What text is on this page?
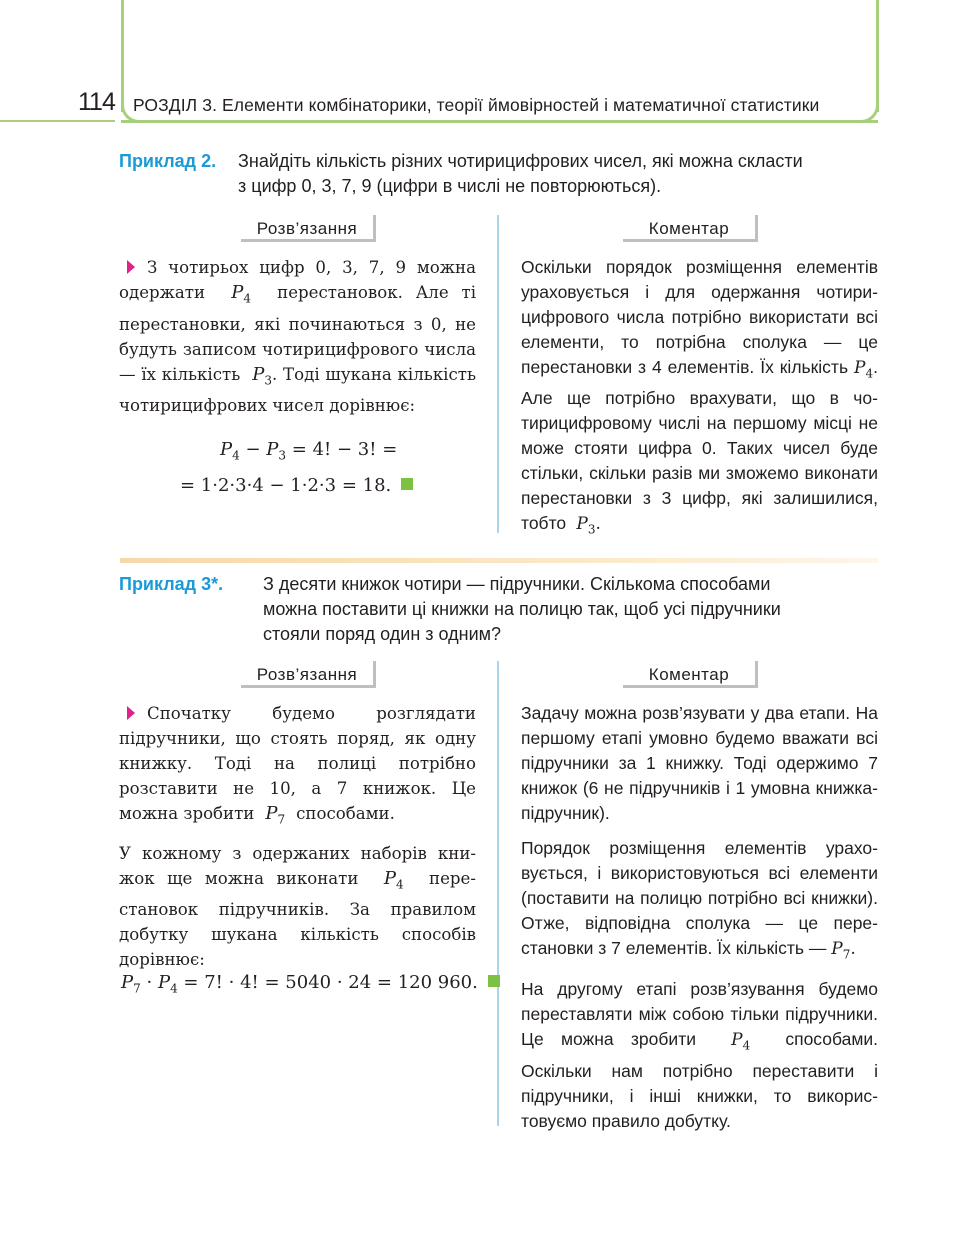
114 РОЗДІЛ 3. Елементи комбінаторики, теорії ймовірностей і математичної статистики
Приклад 2. Знайдіть кількість різних чотирицифрових чисел, які можна скласти
з цифр 0, 3, 7, 9 (цифри в числі не повторюються).
Розв’язання	Коментар
З чотирьох цифр 0, 3, 7, 9 можна одержати $P_4$ перестановок. Але ті перестановки, які починаються з 0, не будуть записом чотирицифрового числа — їх кількість $P_3$. Тоді шукана кількість чотирицифрових чисел дорівнює:
$P_4 - P_3 = 4$! − 3! =
= 1·2·3·4 − 1·2·3 = 18.
Оскільки порядок розміщення елементів ураховується і для одержання чотирицифрового числа потрібно використати всі елементи, то потрібна сполука — це перестановки з 4 елементів. Їх кількість $P_4$. Але ще потрібно врахувати, що в чотирицифровому числі на першому місці не може стояти цифра 0. Таких чисел буде стільки, скільки разів ми зможемо виконати перестановки з 3 цифр, які залишилися, тобто $P_3$.
Приклад 3*. З десяти книжок чотири — підручники. Скількома способами
можна поставити ці книжки на полицю так, щоб усі підручники
стояли поряд один з одним?
Розв’язання	Коментар
Спочатку будемо розглядати підручники, що стоять поряд, як одну книжку. Тоді на полиці потрібно розставити не 10, а 7 книжок. Це можна зробити $P_7$ способами.
У кожному з одержаних наборів книжок ще можна виконати $P_4$ перестановок підручників. За правилом добутку шукана кількість способів дорівнює:
$P_7 \cdot P_4 = 7$! · 4! = 5040 · 24 = 120 960.
Задачу можна розв’язувати у два етапи. На першому етапі умовно будемо вважати всі підручники за 1 книжку. Тоді одержимо 7 книжок (6 не підручників і 1 умовна книжка-підручник).
Порядок розміщення елементів ураховується, і використовуються всі елементи (поставити на полицю потрібно всі книжки). Отже, відповідна сполука — це перестановки з 7 елементів. Їх кількість — $P_7$.
На другому етапі розв’язування будемо переставляти між собою тільки підручники. Це можна зробити $P_4$ способами. Оскільки нам потрібно переставити і підручники, і інші книжки, то використовуємо правило добутку.
